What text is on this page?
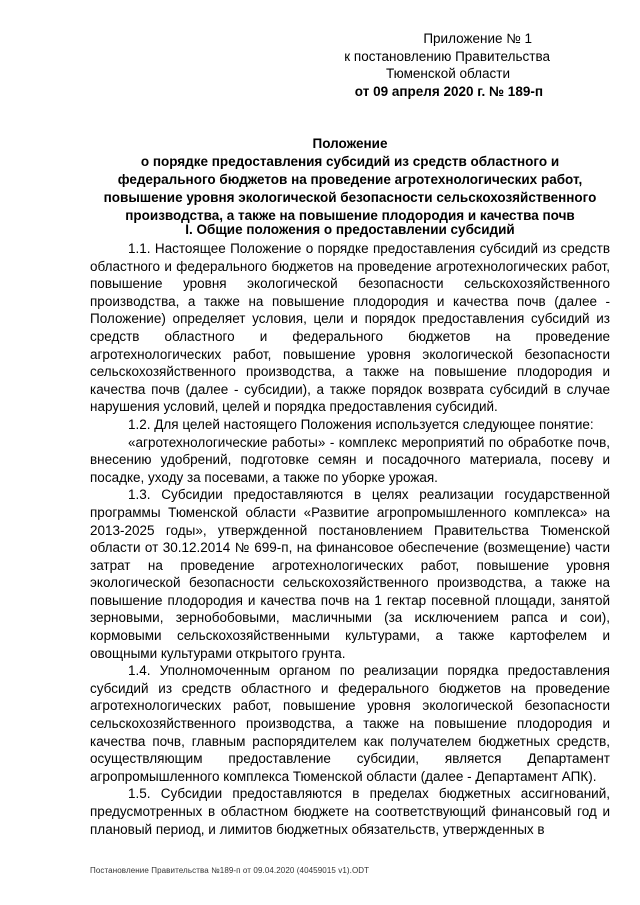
Приложение № 1
к постановлению Правительства
Тюменской области
от 09 апреля 2020 г. № 189-п
Положение
о порядке предоставления субсидий из средств областного и
федерального бюджетов на проведение агротехнологических работ,
повышение уровня экологической безопасности сельскохозяйственного
производства, а также на повышение плодородия и качества почв
I. Общие положения о предоставлении субсидий

1.1. Настоящее Положение о порядке предоставления субсидий из средств областного и федерального бюджетов на проведение агротехнологических работ, повышение уровня экологической безопасности сельскохозяйственного производства, а также на повышение плодородия и качества почв (далее - Положение) определяет условия, цели и порядок предоставления субсидий из средств областного и федерального бюджетов на проведение агротехнологических работ, повышение уровня экологической безопасности сельскохозяйственного производства, а также на повышение плодородия и качества почв (далее - субсидии), а также порядок возврата субсидий в случае нарушения условий, целей и порядка предоставления субсидий.

1.2. Для целей настоящего Положения используется следующее понятие:

«агротехнологические работы» - комплекс мероприятий по обработке почв, внесению удобрений, подготовке семян и посадочного материала, посеву и посадке, уходу за посевами, а также по уборке урожая.

1.3. Субсидии предоставляются в целях реализации государственной программы Тюменской области «Развитие агропромышленного комплекса» на 2013-2025 годы», утвержденной постановлением Правительства Тюменской области от 30.12.2014 № 699-п, на финансовое обеспечение (возмещение) части затрат на проведение агротехнологических работ, повышение уровня экологической безопасности сельскохозяйственного производства, а также на повышение плодородия и качества почв на 1 гектар посевной площади, занятой зерновыми, зернобобовыми, масличными (за исключением рапса и сои), кормовыми сельскохозяйственными культурами, а также картофелем и овощными культурами открытого грунта.

1.4. Уполномоченным органом по реализации порядка предоставления субсидий из средств областного и федерального бюджетов на проведение агротехнологических работ, повышение уровня экологической безопасности сельскохозяйственного производства, а также на повышение плодородия и качества почв, главным распорядителем как получателем бюджетных средств, осуществляющим предоставление субсидии, является Департамент агропромышленного комплекса Тюменской области (далее - Департамент АПК).

1.5. Субсидии предоставляются в пределах бюджетных ассигнований, предусмотренных в областном бюджете на соответствующий финансовый год и плановый период, и лимитов бюджетных обязательств, утвержденных в

Постановление Правительства №189-п от 09.04.2020 (40459015 v1).ODT
